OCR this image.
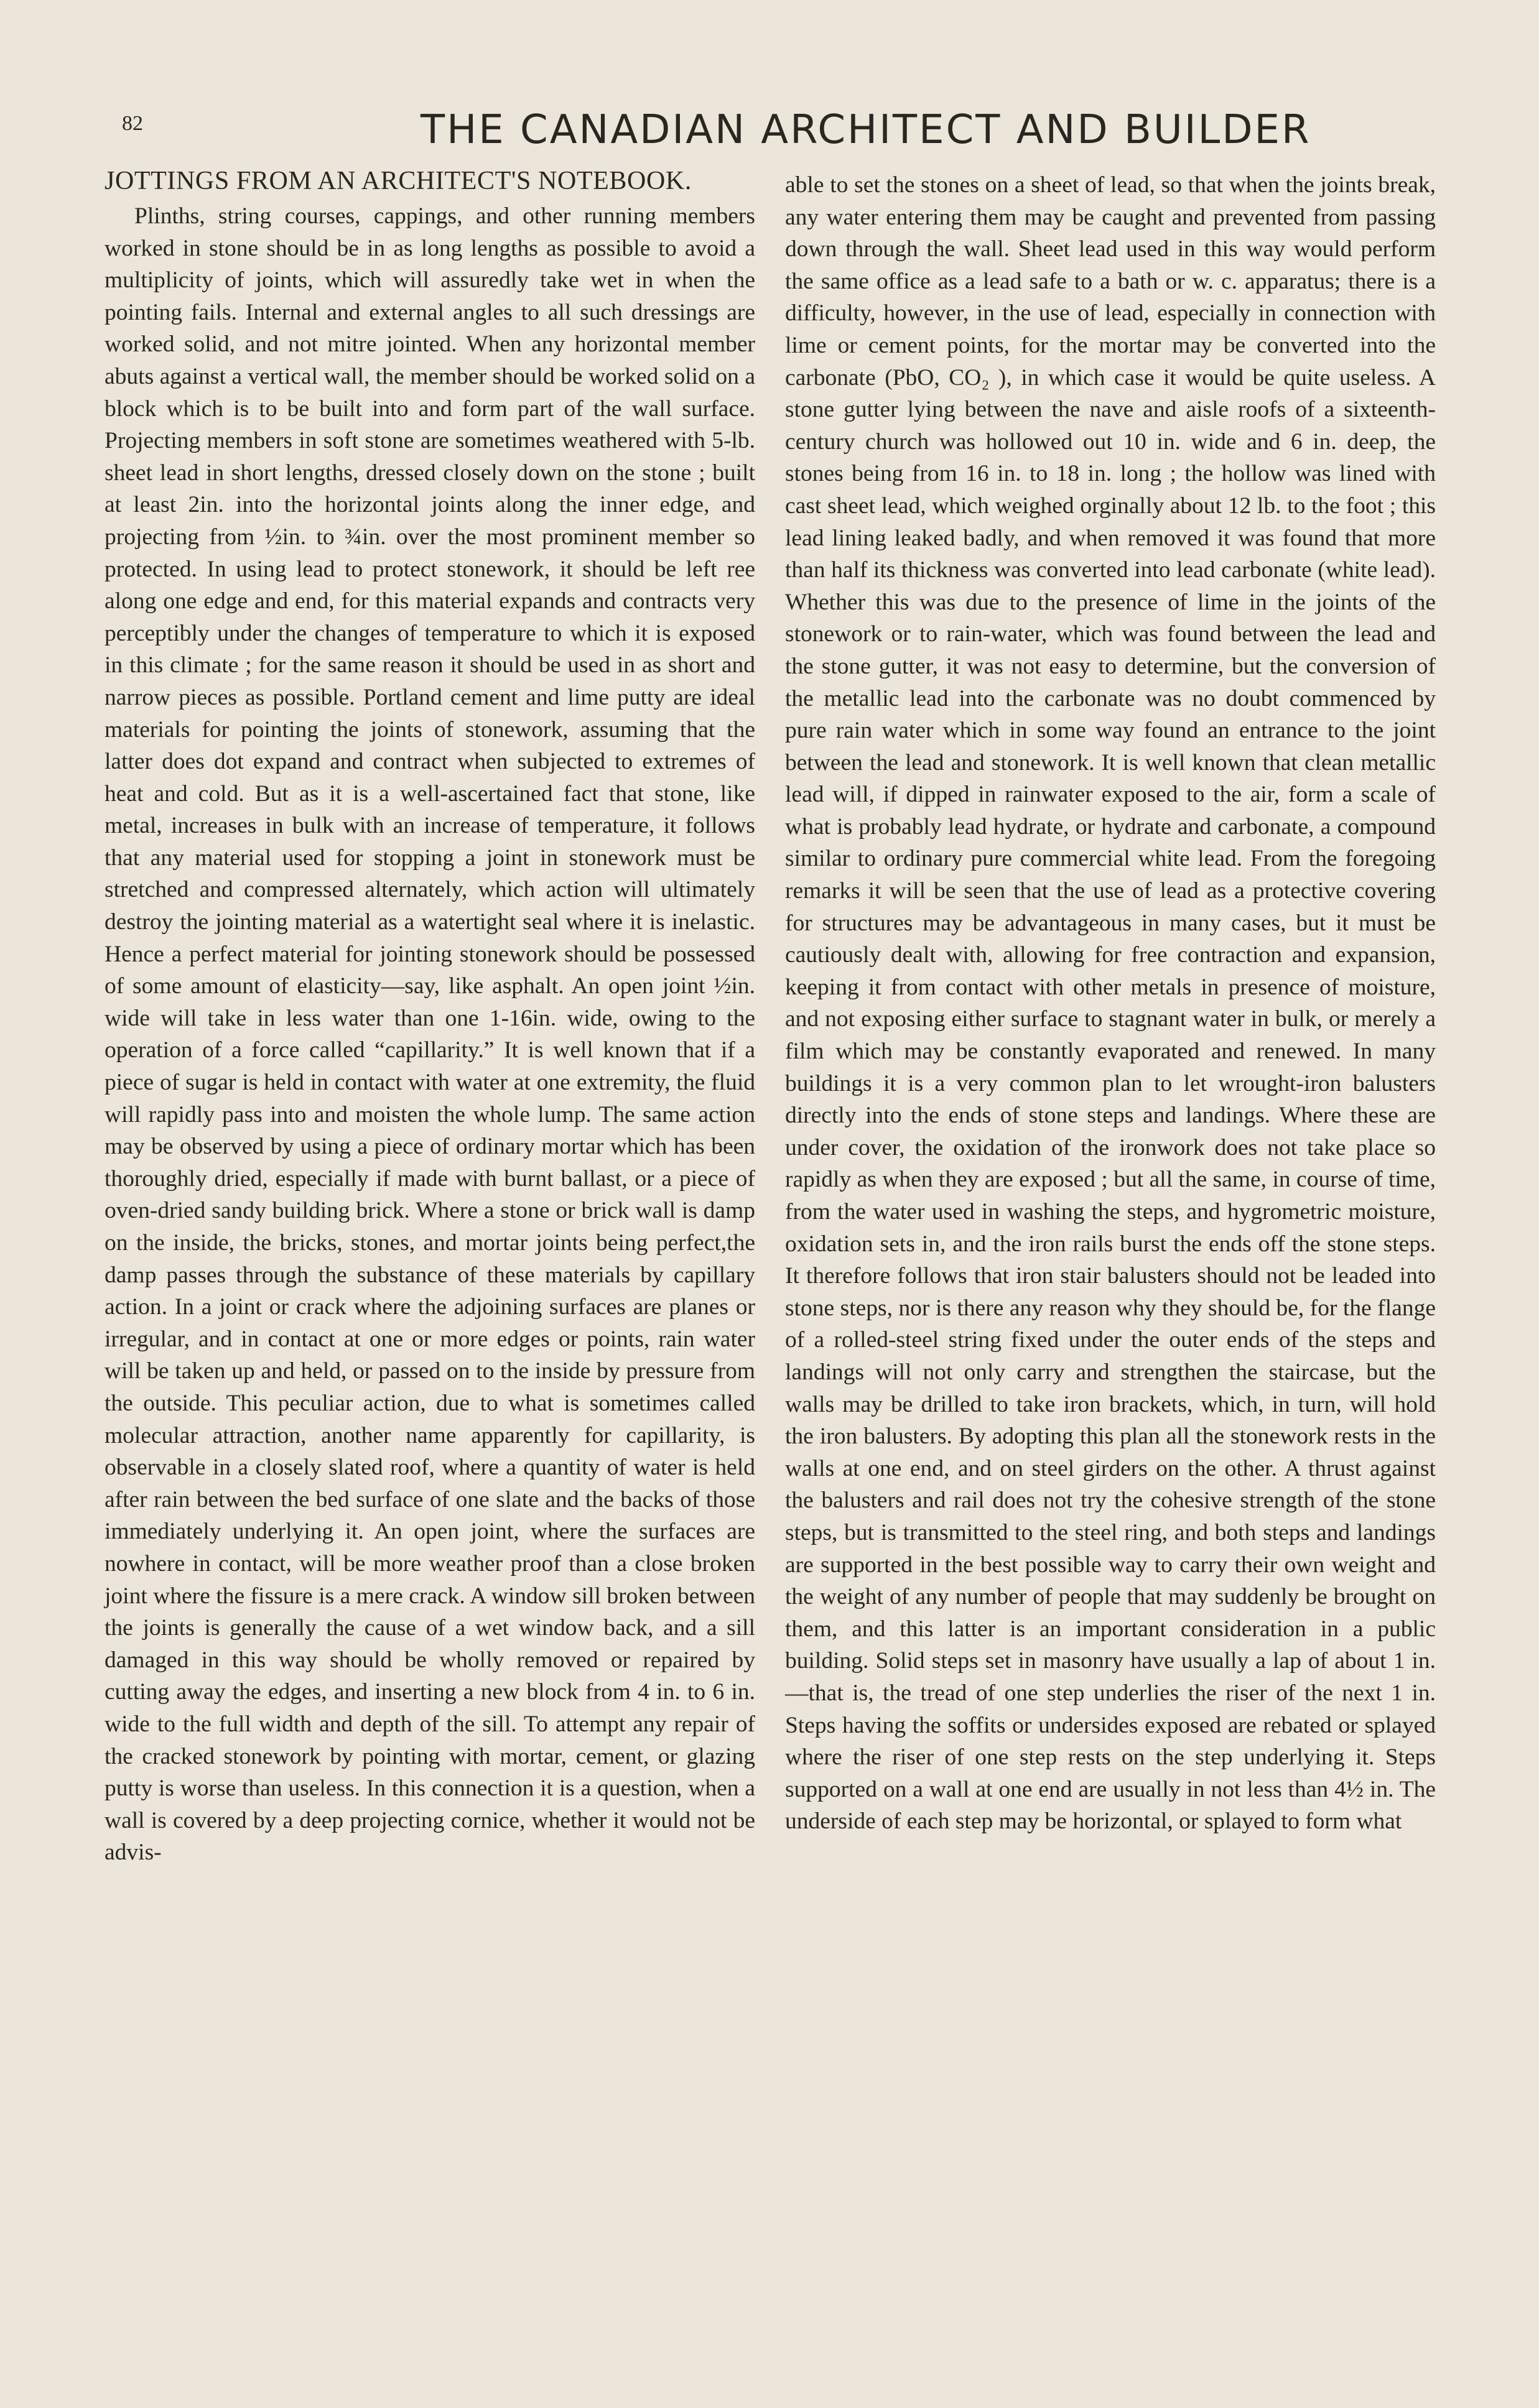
82	THE CANADIAN ARCHITECT AND BUILDER
JOTTINGS FROM AN ARCHITECT'S NOTEBOOK.

Plinths, string courses, cappings, and other running members worked in stone should be in as long lengths as possible to avoid a multiplicity of joints, which will assuredly take wet in when the pointing fails. Internal and external angles to all such dressings are worked solid, and not mitre jointed. When any horizontal member abuts against a vertical wall, the member should be worked solid on a block which is to be built into and form part of the wall surface. Projecting members in soft stone are sometimes weathered with 5-lb. sheet lead in short lengths, dressed closely down on the stone ; built at least 2in. into the horizontal joints along the inner edge, and projecting from ½in. to ¾in. over the most prominent member so protected. In using lead to protect stonework, it should be left ree along one edge and end, for this material expands and contracts very perceptibly under the changes of temperature to which it is exposed in this climate ; for the same reason it should be used in as short and narrow pieces as possible. Portland cement and lime putty are ideal materials for pointing the joints of stonework, assuming that the latter does dot expand and contract when subjected to extremes of heat and cold. But as it is a well-ascertained fact that stone, like metal, increases in bulk with an increase of temperature, it follows that any material used for stopping a joint in stonework must be stretched and compressed alternately, which action will ultimately destroy the jointing material as a watertight seal where it is inelastic. Hence a perfect material for jointing stonework should be possessed of some amount of elasticity—say, like asphalt. An open joint ½in. wide will take in less water than one 1-16in. wide, owing to the operation of a force called “capillarity.” It is well known that if a piece of sugar is held in contact with water at one extremity, the fluid will rapidly pass into and moisten the whole lump. The same action may be observed by using a piece of ordinary mortar which has been thoroughly dried, especially if made with burnt ballast, or a piece of oven-dried sandy building brick. Where a stone or brick wall is damp on the inside, the bricks, stones, and mortar joints being perfect,the damp passes through the substance of these materials by capillary action. In a joint or crack where the adjoining surfaces are planes or irregular, and in contact at one or more edges or points, rain water will be taken up and held, or passed on to the inside by pressure from the outside. This peculiar action, due to what is sometimes called molecular attraction, another name apparently for capillarity, is observable in a closely slated roof, where a quantity of water is held after rain between the bed surface of one slate and the backs of those immediately underlying it. An open joint, where the surfaces are nowhere in contact, will be more weather proof than a close broken joint where the fissure is a mere crack. A window sill broken between the joints is generally the cause of a wet window back, and a sill damaged in this way should be wholly removed or repaired by cutting away the edges, and inserting a new block from 4 in. to 6 in. wide to the full width and depth of the sill. To attempt any repair of the cracked stonework by pointing with mortar, cement, or glazing putty is worse than useless. In this connection it is a question, when a wall is covered by a deep projecting cornice, whether it would not be advis-

able to set the stones on a sheet of lead, so that when the joints break, any water entering them may be caught and prevented from passing down through the wall. Sheet lead used in this way would perform the same office as a lead safe to a bath or w. c. apparatus; there is a difficulty, however, in the use of lead, especially in connection with lime or cement points, for the mortar may be converted into the carbonate (PbO, CO₂ ), in which case it would be quite useless. A stone gutter lying between the nave and aisle roofs of a sixteenth-century church was hollowed out 10 in. wide and 6 in. deep, the stones being from 16 in. to 18 in. long ; the hollow was lined with cast sheet lead, which weighed orginally about 12 lb. to the foot ; this lead lining leaked badly, and when removed it was found that more than half its thickness was converted into lead carbonate (white lead). Whether this was due to the presence of lime in the joints of the stonework or to rain-water, which was found between the lead and the stone gutter, it was not easy to determine, but the conversion of the metallic lead into the carbonate was no doubt commenced by pure rain water which in some way found an entrance to the joint between the lead and stonework. It is well known that clean metallic lead will, if dipped in rainwater exposed to the air, form a scale of what is probably lead hydrate, or hydrate and carbonate, a compound similar to ordinary pure commercial white lead. From the foregoing remarks it will be seen that the use of lead as a protective covering for structures may be advantageous in many cases, but it must be cautiously dealt with, allowing for free contraction and expansion, keeping it from contact with other metals in presence of moisture, and not exposing either surface to stagnant water in bulk, or merely a film which may be constantly evaporated and renewed. In many buildings it is a very common plan to let wrought-iron balusters directly into the ends of stone steps and landings. Where these are under cover, the oxidation of the ironwork does not take place so rapidly as when they are exposed ; but all the same, in course of time, from the water used in washing the steps, and hygrometric moisture, oxidation sets in, and the iron rails burst the ends off the stone steps. It therefore follows that iron stair balusters should not be leaded into stone steps, nor is there any reason why they should be, for the flange of a rolled-steel string fixed under the outer ends of the steps and landings will not only carry and strengthen the staircase, but the walls may be drilled to take iron brackets, which, in turn, will hold the iron balusters. By adopting this plan all the stonework rests in the walls at one end, and on steel girders on the other. A thrust against the balusters and rail does not try the cohesive strength of the stone steps, but is transmitted to the steel ring, and both steps and landings are supported in the best possible way to carry their own weight and the weight of any number of people that may suddenly be brought on them, and this latter is an important consideration in a public building. Solid steps set in masonry have usually a lap of about 1 in.—that is, the tread of one step underlies the riser of the next 1 in. Steps having the soffits or undersides exposed are rebated or splayed where the riser of one step rests on the step underlying it. Steps supported on a wall at one end are usually in not less than 4½ in. The underside of each step may be horizontal, or splayed to form what
